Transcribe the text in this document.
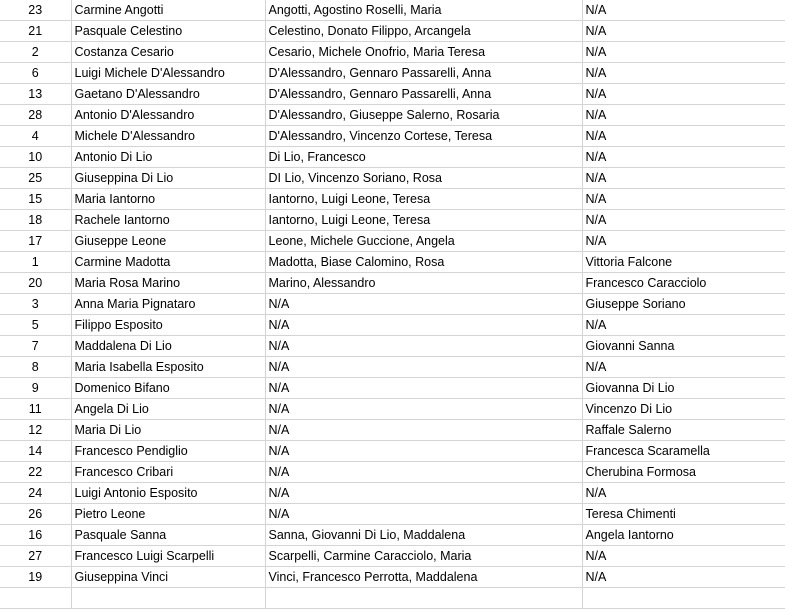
23	Carmine Angotti	Angotti, Agostino Roselli, Maria	N/A
21	Pasquale Celestino	Celestino, Donato Filippo, Arcangela	N/A
2	Costanza Cesario	Cesario, Michele Onofrio, Maria Teresa	N/A
6	Luigi Michele D'Alessandro	D'Alessandro, Gennaro Passarelli, Anna	N/A
13	Gaetano D'Alessandro	D'Alessandro, Gennaro Passarelli, Anna	N/A
28	Antonio D'Alessandro	D'Alessandro, Giuseppe Salerno, Rosaria	N/A
4	Michele D'Alessandro	D'Alessandro, Vincenzo Cortese, Teresa	N/A
10	Antonio Di Lio	Di Lio, Francesco	N/A
25	Giuseppina Di Lio	DI Lio, Vincenzo Soriano, Rosa	N/A
15	Maria Iantorno	Iantorno, Luigi Leone, Teresa	N/A
18	Rachele Iantorno	Iantorno, Luigi Leone, Teresa	N/A
17	Giuseppe Leone	Leone, Michele Guccione, Angela	N/A
1	Carmine Madotta	Madotta, Biase Calomino, Rosa	Vittoria Falcone
20	Maria Rosa Marino	Marino, Alessandro	Francesco Caracciolo
3	Anna Maria Pignataro	N/A	Giuseppe Soriano
5	Filippo Esposito	N/A	N/A
7	Maddalena Di Lio	N/A	Giovanni Sanna
8	Maria Isabella Esposito	N/A	N/A
9	Domenico Bifano	N/A	Giovanna Di Lio
11	Angela Di Lio	N/A	Vincenzo Di Lio
12	Maria Di Lio	N/A	Raffale Salerno
14	Francesco Pendiglio	N/A	Francesca Scaramella
22	Francesco Cribari	N/A	Cherubina Formosa
24	Luigi Antonio Esposito	N/A	N/A
26	Pietro Leone	N/A	Teresa Chimenti
16	Pasquale Sanna	Sanna, Giovanni Di Lio, Maddalena	Angela Iantorno
27	Francesco Luigi Scarpelli	Scarpelli, Carmine Caracciolo, Maria	N/A
19	Giuseppina Vinci	Vinci, Francesco Perrotta, Maddalena	N/A
